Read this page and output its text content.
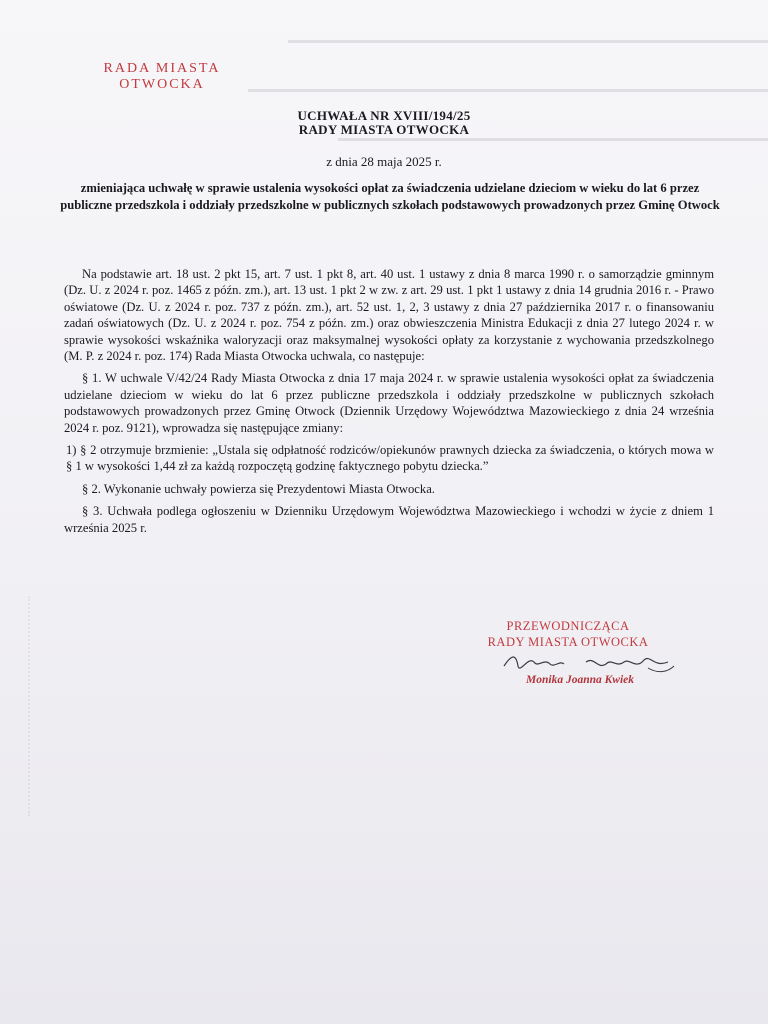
RADA MIASTA
OTWOCKA
UCHWAŁA NR XVIII/194/25
RADY MIASTA OTWOCKA
z dnia 28 maja 2025 r.
zmieniająca uchwałę w sprawie ustalenia wysokości opłat za świadczenia udzielane dzieciom w wieku do lat 6 przez publiczne przedszkola i oddziały przedszkolne w publicznych szkołach podstawowych prowadzonych przez Gminę Otwock

Na podstawie art. 18 ust. 2 pkt 15, art. 7 ust. 1 pkt 8, art. 40 ust. 1 ustawy z dnia 8 marca 1990 r. o samorządzie gminnym (Dz. U. z 2024 r. poz. 1465 z późn. zm.), art. 13 ust. 1 pkt 2 w zw. z art. 29 ust. 1 pkt 1 ustawy z dnia 14 grudnia 2016 r. - Prawo oświatowe (Dz. U. z 2024 r. poz. 737 z późn. zm.), art. 52 ust. 1, 2, 3 ustawy z dnia 27 października 2017 r. o finansowaniu zadań oświatowych (Dz. U. z 2024 r. poz. 754 z późn. zm.) oraz obwieszczenia Ministra Edukacji z dnia 27 lutego 2024 r. w sprawie wysokości wskaźnika waloryzacji oraz maksymalnej wysokości opłaty za korzystanie z wychowania przedszkolnego (M. P. z 2024 r. poz. 174) Rada Miasta Otwocka uchwala, co następuje:

§ 1. W uchwale V/42/24 Rady Miasta Otwocka z dnia 17 maja 2024 r. w sprawie ustalenia wysokości opłat za świadczenia udzielane dzieciom w wieku do lat 6 przez publiczne przedszkola i oddziały przedszkolne w publicznych szkołach podstawowych prowadzonych przez Gminę Otwock (Dziennik Urzędowy Województwa Mazowieckiego z dnia 24 września 2024 r. poz. 9121), wprowadza się następujące zmiany:

1) § 2 otrzymuje brzmienie: „Ustala się odpłatność rodziców/opiekunów prawnych dziecka za świadczenia, o których mowa w § 1 w wysokości 1,44 zł za każdą rozpoczętą godzinę faktycznego pobytu dziecka.”

§ 2. Wykonanie uchwały powierza się Prezydentowi Miasta Otwocka.

§ 3. Uchwała podlega ogłoszeniu w Dzienniku Urzędowym Województwa Mazowieckiego i wchodzi w życie z dniem 1 września 2025 r.

PRZEWODNICZĄCA
RADY MIASTA OTWOCKA
Monika Joanna Kwiek
